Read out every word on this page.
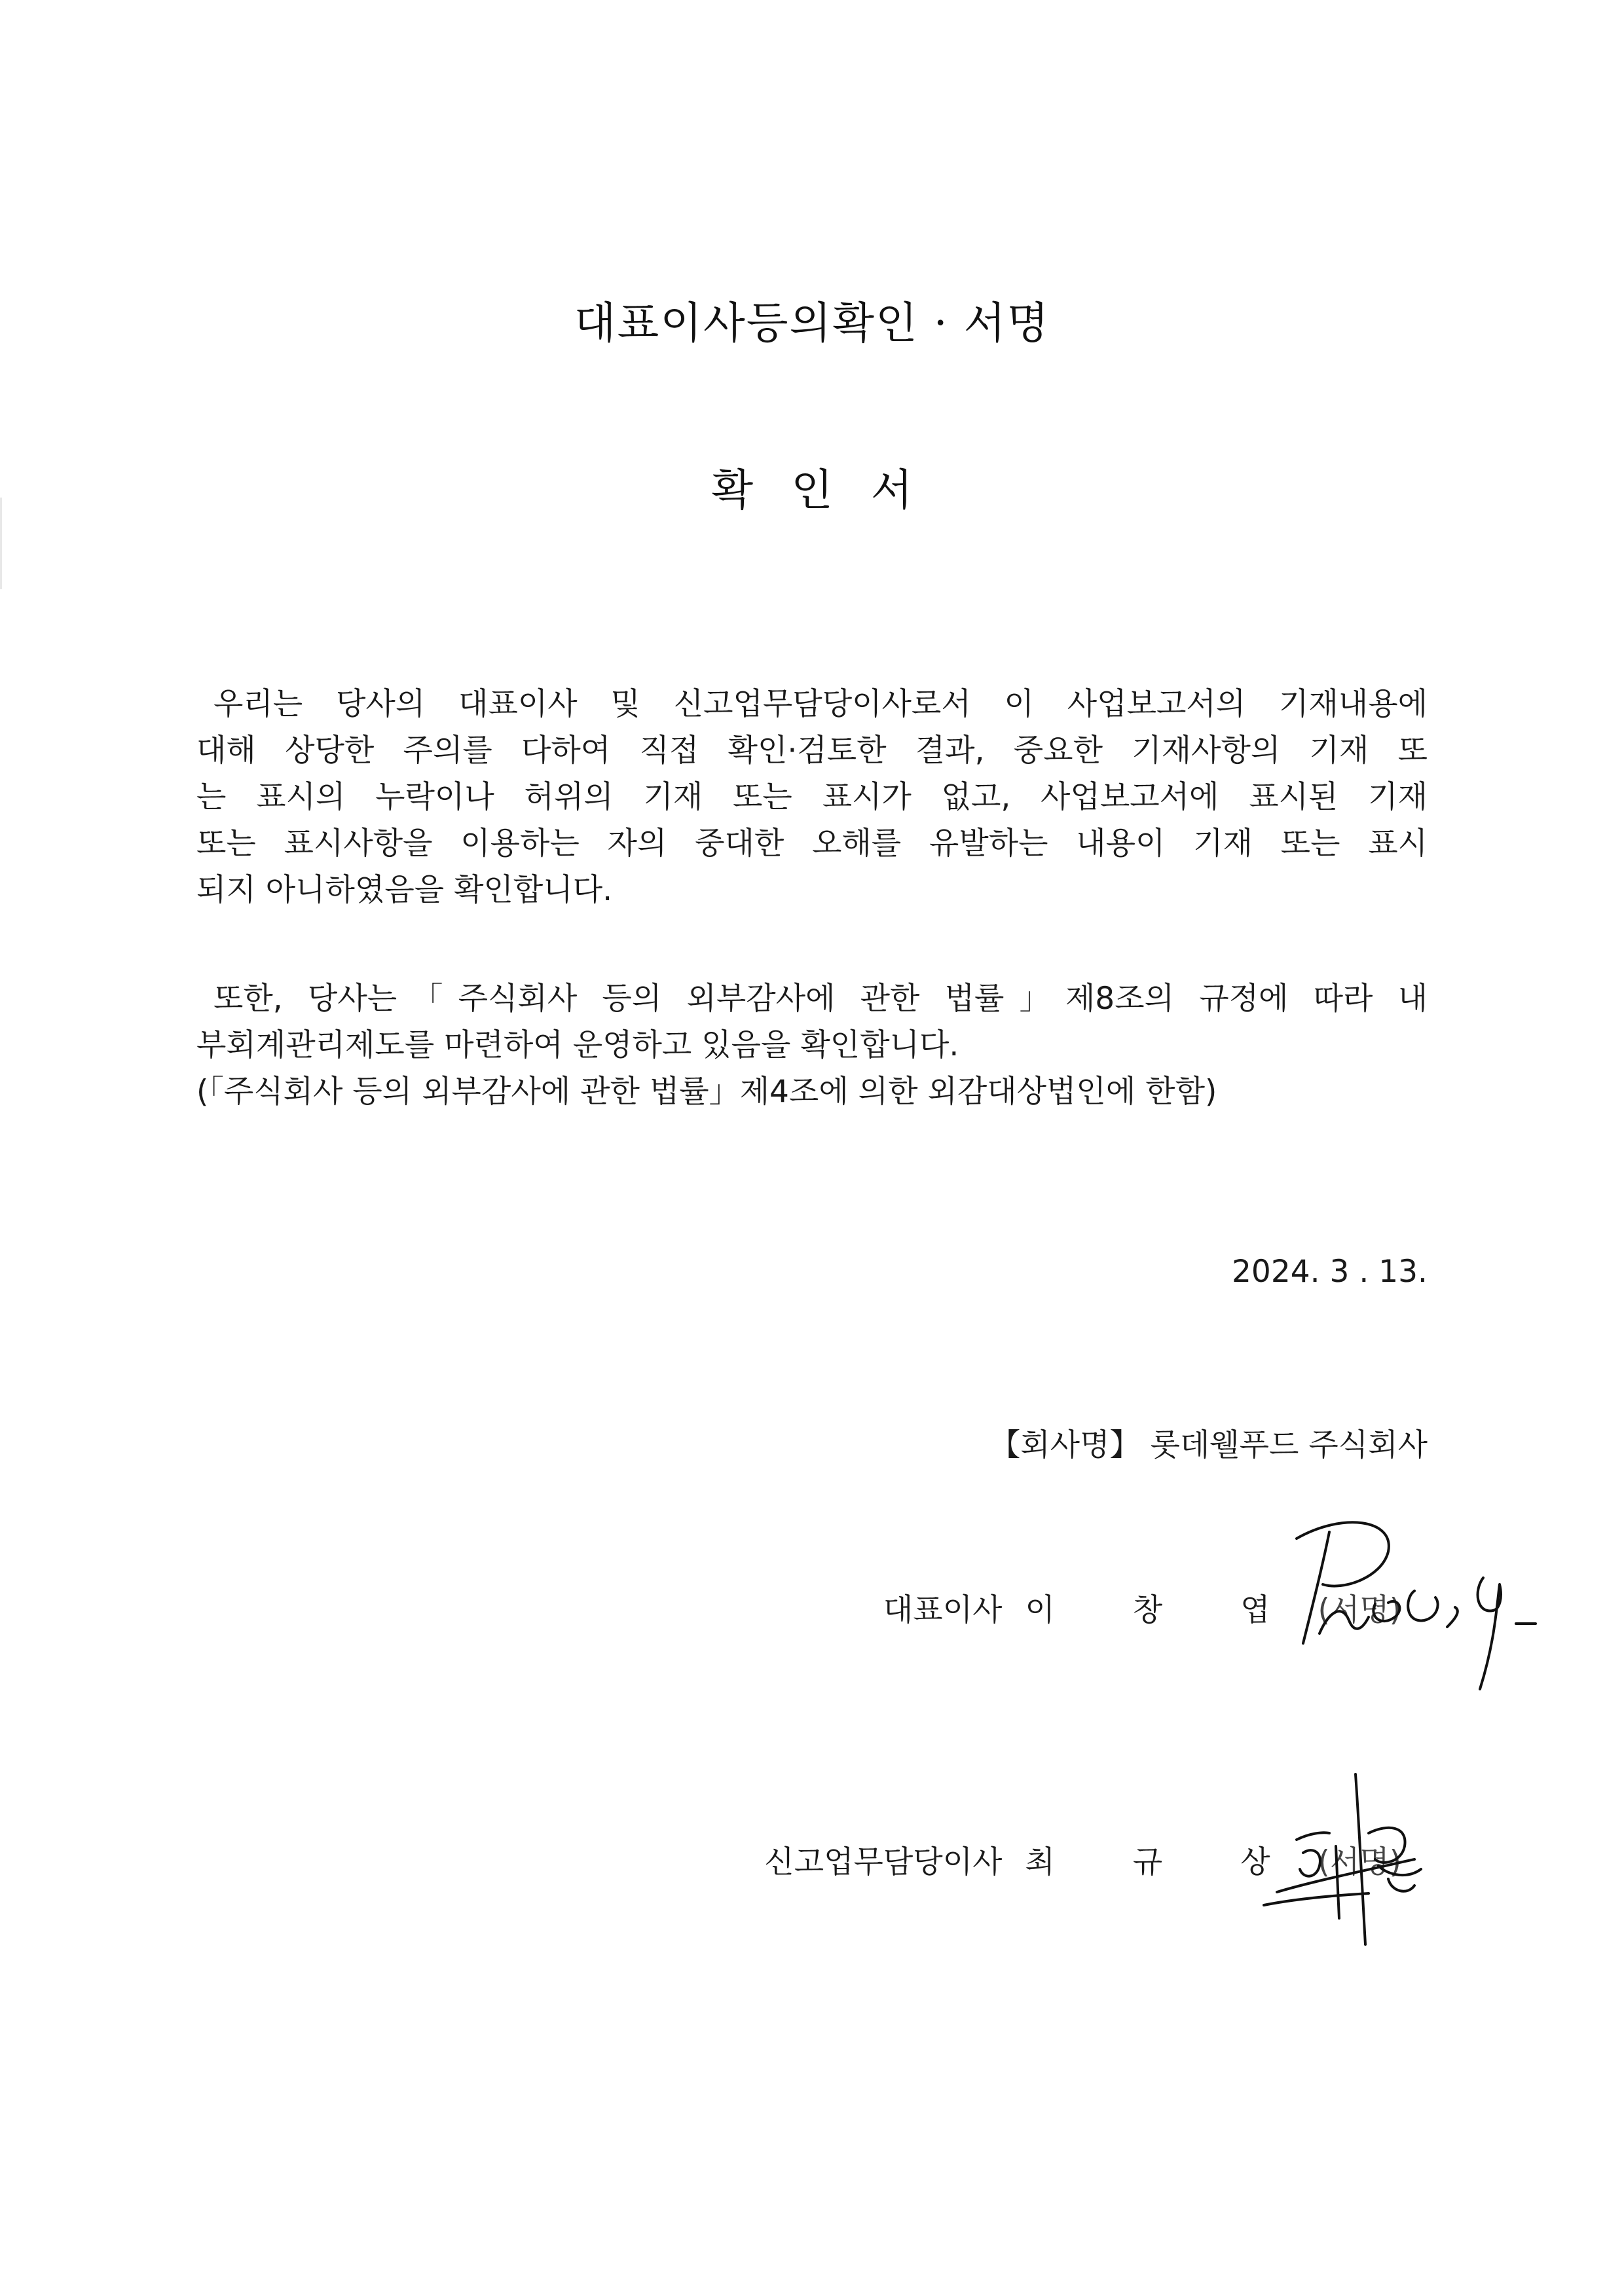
대표이사등의확인 · 서명
확인서
우리는 당사의 대표이사 및 신고업무담당이사로서 이 사업보고서의 기재내용에
대해 상당한 주의를 다하여 직접 확인·검토한 결과, 중요한 기재사항의 기재 또
는 표시의 누락이나 허위의 기재 또는 표시가 없고, 사업보고서에 표시된 기재
또는 표시사항을 이용하는 자의 중대한 오해를 유발하는 내용이 기재 또는 표시
되지 아니하였음을 확인합니다.
또한, 당사는「주식회사 등의 외부감사에 관한 법률」제8조의 규정에 따라 내
부회계관리제도를 마련하여 운영하고 있음을 확인합니다.
(「주식회사 등의 외부감사에 관한 법률」제4조에 의한 외감대상법인에 한함)
2024. 3 . 13.
【회사명】 롯데웰푸드 주식회사
대표이사 이 창 엽 (서명)
신고업무담당이사 최 규 상 (서명)
